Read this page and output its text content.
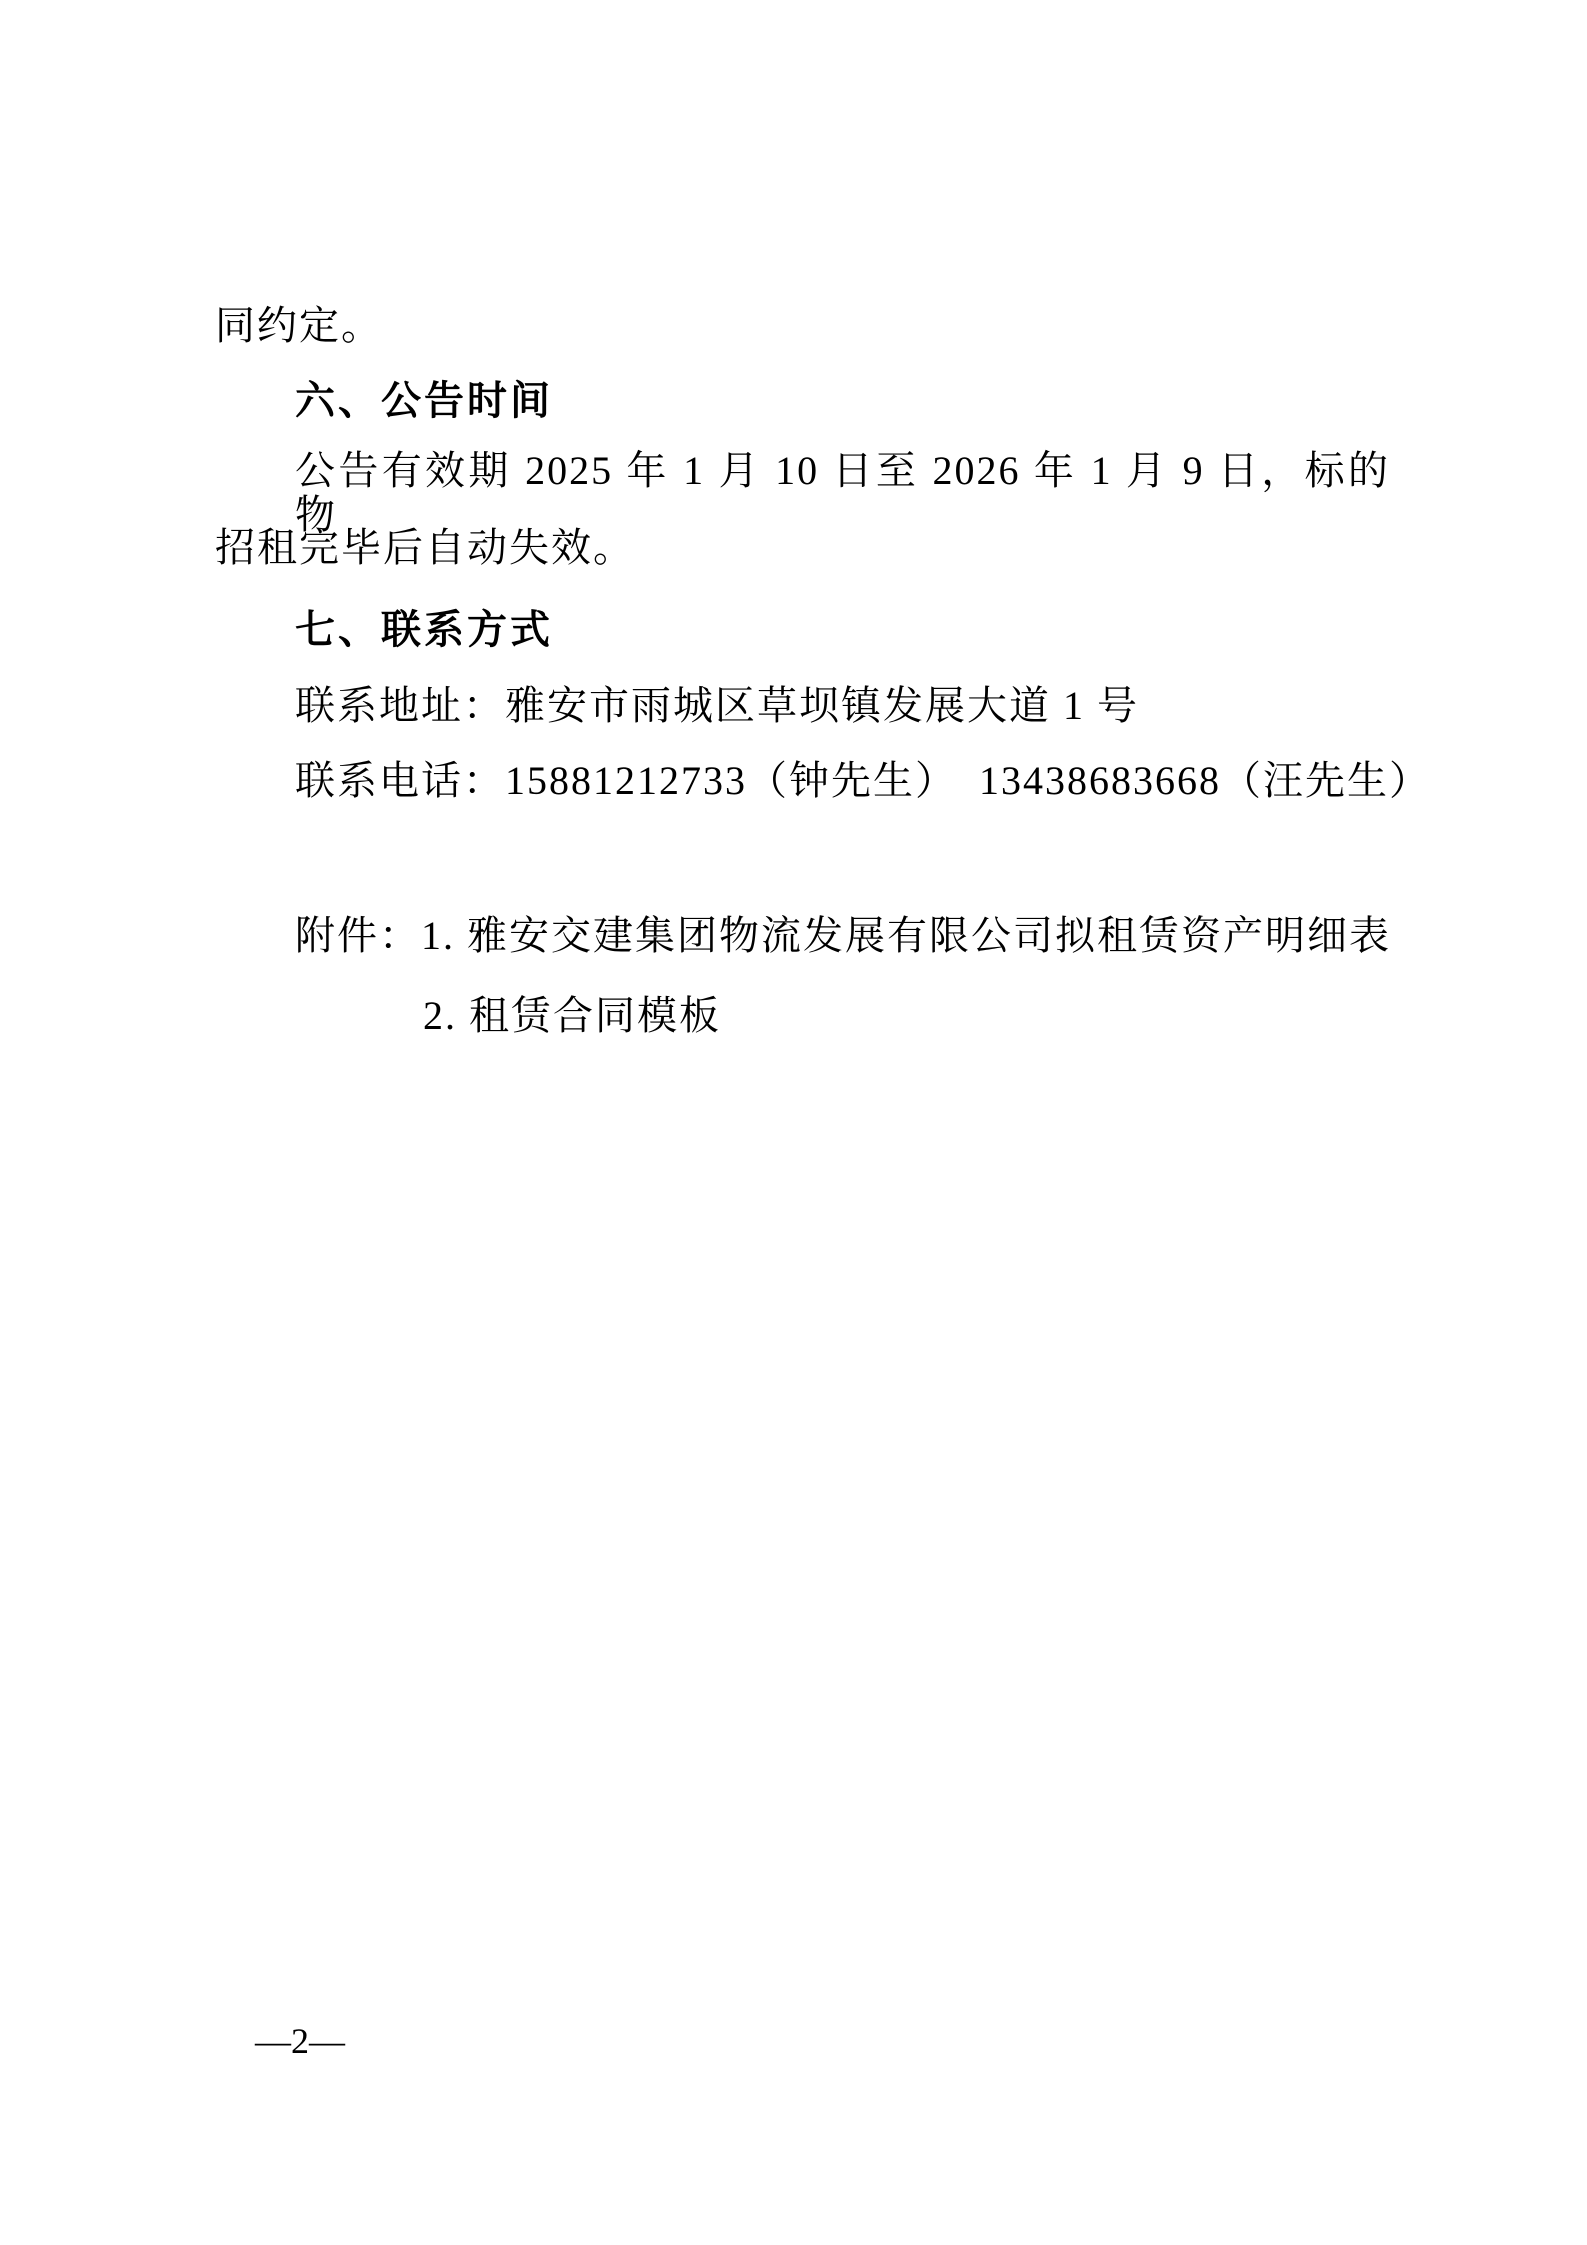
同约定。
六、公告时间
公告有效期 2025 年 1 月 10 日至 2026 年 1 月 9 日，标的物
招租完毕后自动失效。
七、联系方式
联系地址：雅安市雨城区草坝镇发展大道 1 号
联系电话：15881212733（钟先生）　13438683668（汪先生）
附件：1. 雅安交建集团物流发展有限公司拟租赁资产明细表
2. 租赁合同模板
—2—
